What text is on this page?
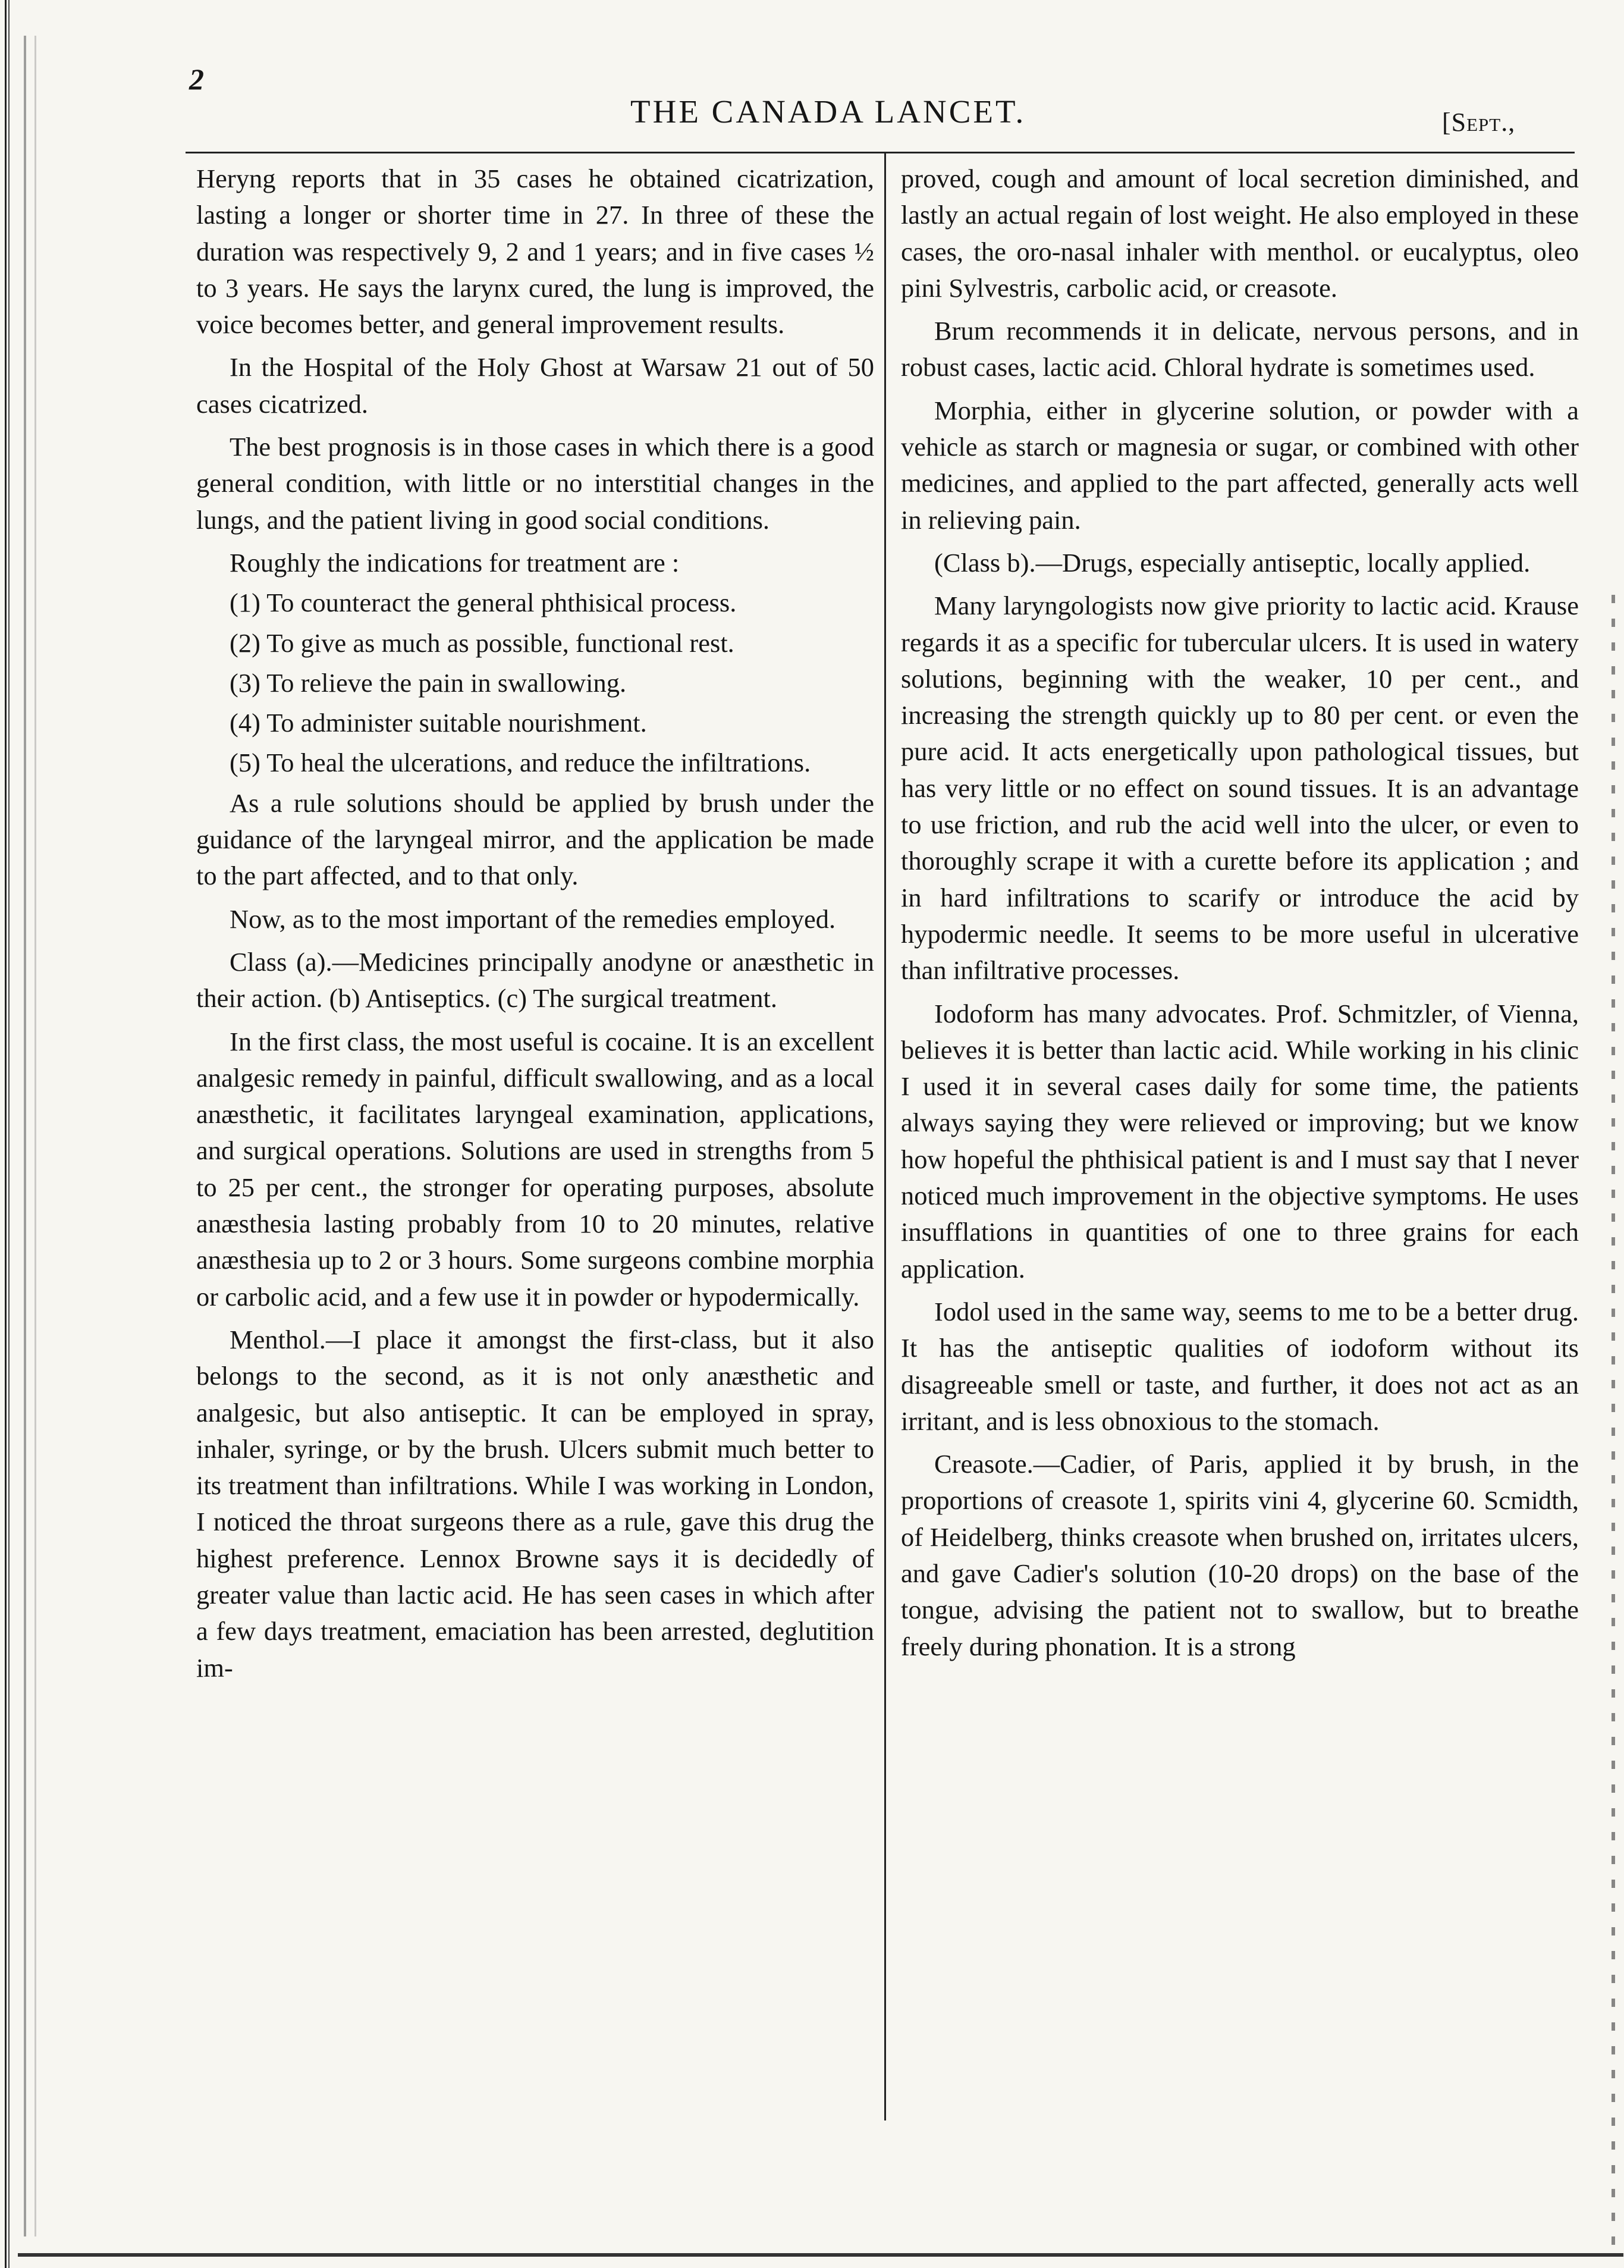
2
THE CANADA LANCET.	[Sept.,

Heryng reports that in 35 cases he obtained cicatrization, lasting a longer or shorter time in 27. In three of these the duration was respectively 9, 2 and 1 years; and in five cases ½ to 3 years. He says the larynx cured, the lung is improved, the voice becomes better, and general improvement results.

In the Hospital of the Holy Ghost at Warsaw 21 out of 50 cases cicatrized.

The best prognosis is in those cases in which there is a good general condition, with little or no interstitial changes in the lungs, and the patient living in good social conditions.

Roughly the indications for treatment are :

(1) To counteract the general phthisical process.

(2) To give as much as possible, functional rest.

(3) To relieve the pain in swallowing.

(4) To administer suitable nourishment.

(5) To heal the ulcerations, and reduce the infiltrations.

As a rule solutions should be applied by brush under the guidance of the laryngeal mirror, and the application be made to the part affected, and to that only.

Now, as to the most important of the remedies employed.

Class (a).—Medicines principally anodyne or anæsthetic in their action. (b) Antiseptics. (c) The surgical treatment.

In the first class, the most useful is cocaine. It is an excellent analgesic remedy in painful, difficult swallowing, and as a local anæsthetic, it facilitates laryngeal examination, applications, and surgical operations. Solutions are used in strengths from 5 to 25 per cent., the stronger for operating purposes, absolute anæsthesia lasting probably from 10 to 20 minutes, relative anæsthesia up to 2 or 3 hours. Some surgeons combine morphia or carbolic acid, and a few use it in powder or hypodermically.

Menthol.—I place it amongst the first-class, but it also belongs to the second, as it is not only anæsthetic and analgesic, but also antiseptic. It can be employed in spray, inhaler, syringe, or by the brush. Ulcers submit much better to its treatment than infiltrations. While I was working in London, I noticed the throat surgeons there as a rule, gave this drug the highest preference. Lennox Browne says it is decidedly of greater value than lactic acid. He has seen cases in which after a few days treatment, emaciation has been arrested, deglutition im-

proved, cough and amount of local secretion diminished, and lastly an actual regain of lost weight. He also employed in these cases, the oro-nasal inhaler with menthol. or eucalyptus, oleo pini Sylvestris, carbolic acid, or creasote.

Brum recommends it in delicate, nervous persons, and in robust cases, lactic acid. Chloral hydrate is sometimes used.

Morphia, either in glycerine solution, or powder with a vehicle as starch or magnesia or sugar, or combined with other medicines, and applied to the part affected, generally acts well in relieving pain.

(Class b).—Drugs, especially antiseptic, locally applied.

Many laryngologists now give priority to lactic acid. Krause regards it as a specific for tubercular ulcers. It is used in watery solutions, beginning with the weaker, 10 per cent., and increasing the strength quickly up to 80 per cent. or even the pure acid. It acts energetically upon pathological tissues, but has very little or no effect on sound tissues. It is an advantage to use friction, and rub the acid well into the ulcer, or even to thoroughly scrape it with a curette before its application ; and in hard infiltrations to scarify or introduce the acid by hypodermic needle. It seems to be more useful in ulcerative than infiltrative processes.

Iodoform has many advocates. Prof. Schmitzler, of Vienna, believes it is better than lactic acid. While working in his clinic I used it in several cases daily for some time, the patients always saying they were relieved or improving; but we know how hopeful the phthisical patient is and I must say that I never noticed much improvement in the objective symptoms. He uses insufflations in quantities of one to three grains for each application.

Iodol used in the same way, seems to me to be a better drug. It has the antiseptic qualities of iodoform without its disagreeable smell or taste, and further, it does not act as an irritant, and is less obnoxious to the stomach.

Creasote.—Cadier, of Paris, applied it by brush, in the proportions of creasote 1, spirits vini 4, glycerine 60. Scmidth, of Heidelberg, thinks creasote when brushed on, irritates ulcers, and gave Cadier's solution (10-20 drops) on the base of the tongue, advising the patient not to swallow, but to breathe freely during phonation. It is a strong
